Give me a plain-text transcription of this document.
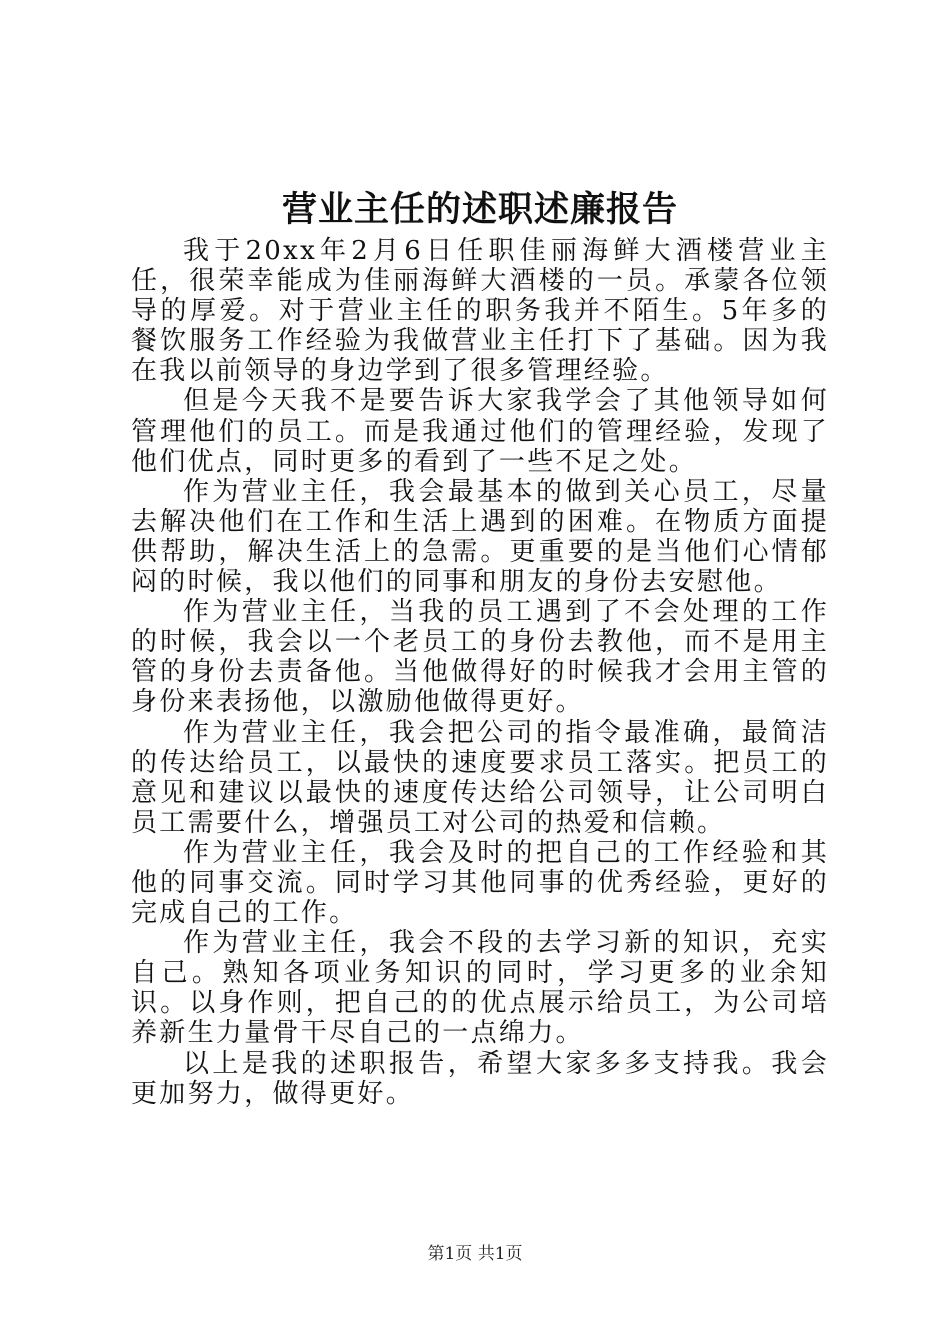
营业主任的述职述廉报告

我于20xx年2月6日任职佳丽海鲜大酒楼营业主任，很荣幸能成为佳丽海鲜大酒楼的一员。承蒙各位领导的厚爱。对于营业主任的职务我并不陌生。5年多的餐饮服务工作经验为我做营业主任打下了基础。因为我在我以前领导的身边学到了很多管理经验。

但是今天我不是要告诉大家我学会了其他领导如何管理他们的员工。而是我通过他们的管理经验，发现了他们优点，同时更多的看到了一些不足之处。

作为营业主任，我会最基本的做到关心员工，尽量去解决他们在工作和生活上遇到的困难。在物质方面提供帮助，解决生活上的急需。更重要的是当他们心情郁闷的时候，我以他们的同事和朋友的身份去安慰他。

作为营业主任，当我的员工遇到了不会处理的工作的时候，我会以一个老员工的身份去教他，而不是用主管的身份去责备他。当他做得好的时候我才会用主管的身份来表扬他，以激励他做得更好。

作为营业主任，我会把公司的指令最准确，最简洁的传达给员工，以最快的速度要求员工落实。把员工的意见和建议以最快的速度传达给公司领导，让公司明白员工需要什么，增强员工对公司的热爱和信赖。

作为营业主任，我会及时的把自己的工作经验和其他的同事交流。同时学习其他同事的优秀经验，更好的完成自己的工作。

作为营业主任，我会不段的去学习新的知识，充实自己。熟知各项业务知识的同时，学习更多的业余知识。以身作则，把自己的的优点展示给员工，为公司培养新生力量骨干尽自己的一点绵力。

以上是我的述职报告，希望大家多多支持我。我会更加努力，做得更好。

第1页 共1页
